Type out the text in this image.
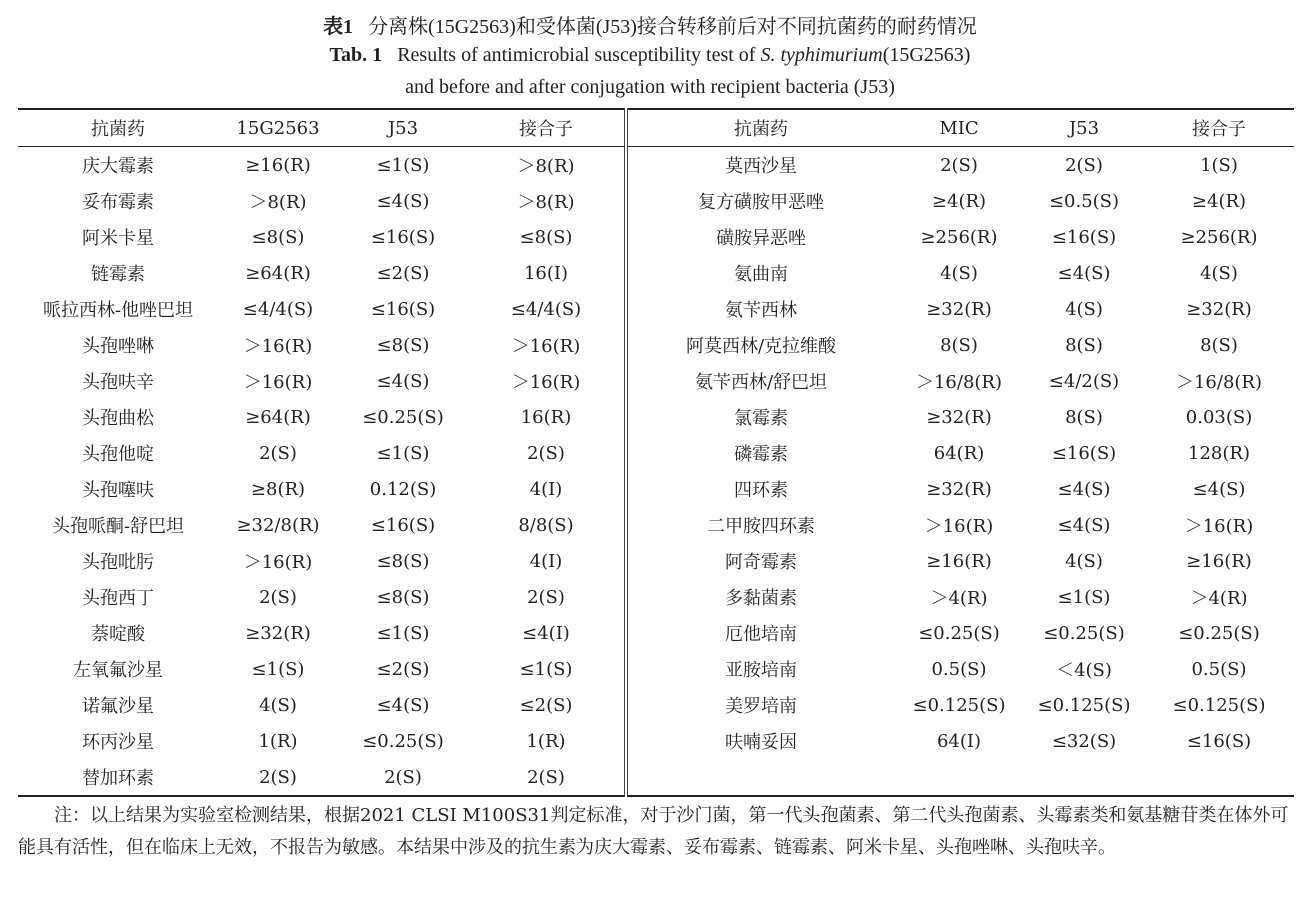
表1 分离株(15G2563)和受体菌(J53)接合转移前后对不同抗菌药的耐药情况
Tab. 1 Results of antimicrobial susceptibility test of S. typhimurium(15G2563)
and before and after conjugation with recipient bacteria (J53)
抗菌药	15G2563	J53	接合子	抗菌药	MIC	J53	接合子
庆大霉素	≥16(R)	≤1(S)	＞8(R)	莫西沙星	2(S)	2(S)	1(S)
妥布霉素	＞8(R)	≤4(S)	＞8(R)	复方磺胺甲恶唑	≥4(R)	≤0.5(S)	≥4(R)
阿米卡星	≤8(S)	≤16(S)	≤8(S)	磺胺异恶唑	≥256(R)	≤16(S)	≥256(R)
链霉素	≥64(R)	≤2(S)	16(I)	氨曲南	4(S)	≤4(S)	4(S)
哌拉西林-他唑巴坦	≤4/4(S)	≤16(S)	≤4/4(S)	氨苄西林	≥32(R)	4(S)	≥32(R)
头孢唑啉	＞16(R)	≤8(S)	＞16(R)	阿莫西林/克拉维酸	8(S)	8(S)	8(S)
头孢呋辛	＞16(R)	≤4(S)	＞16(R)	氨苄西林/舒巴坦	＞16/8(R)	≤4/2(S)	＞16/8(R)
头孢曲松	≥64(R)	≤0.25(S)	16(R)	氯霉素	≥32(R)	8(S)	0.03(S)
头孢他啶	2(S)	≤1(S)	2(S)	磷霉素	64(R)	≤16(S)	128(R)
头孢噻呋	≥8(R)	0.12(S)	4(I)	四环素	≥32(R)	≤4(S)	≤4(S)
头孢哌酮-舒巴坦	≥32/8(R)	≤16(S)	8/8(S)	二甲胺四环素	＞16(R)	≤4(S)	＞16(R)
头孢吡肟	＞16(R)	≤8(S)	4(I)	阿奇霉素	≥16(R)	4(S)	≥16(R)
头孢西丁	2(S)	≤8(S)	2(S)	多黏菌素	＞4(R)	≤1(S)	＞4(R)
萘啶酸	≥32(R)	≤1(S)	≤4(I)	厄他培南	≤0.25(S)	≤0.25(S)	≤0.25(S)
左氧氟沙星	≤1(S)	≤2(S)	≤1(S)	亚胺培南	0.5(S)	＜4(S)	0.5(S)
诺氟沙星	4(S)	≤4(S)	≤2(S)	美罗培南	≤0.125(S)	≤0.125(S)	≤0.125(S)
环丙沙星	1(R)	≤0.25(S)	1(R)	呋喃妥因	64(I)	≤32(S)	≤16(S)
替加环素	2(S)	2(S)	2(S)				
注：以上结果为实验室检测结果，根据2021 CLSI M100S31判定标准，对于沙门菌，第一代头孢菌素、第二代头孢菌素、头霉素类和氨基糖苷类在体外可能具有活性，但在临床上无效，不报告为敏感。本结果中涉及的抗生素为庆大霉素、妥布霉素、链霉素、阿米卡星、头孢唑啉、头孢呋辛。
